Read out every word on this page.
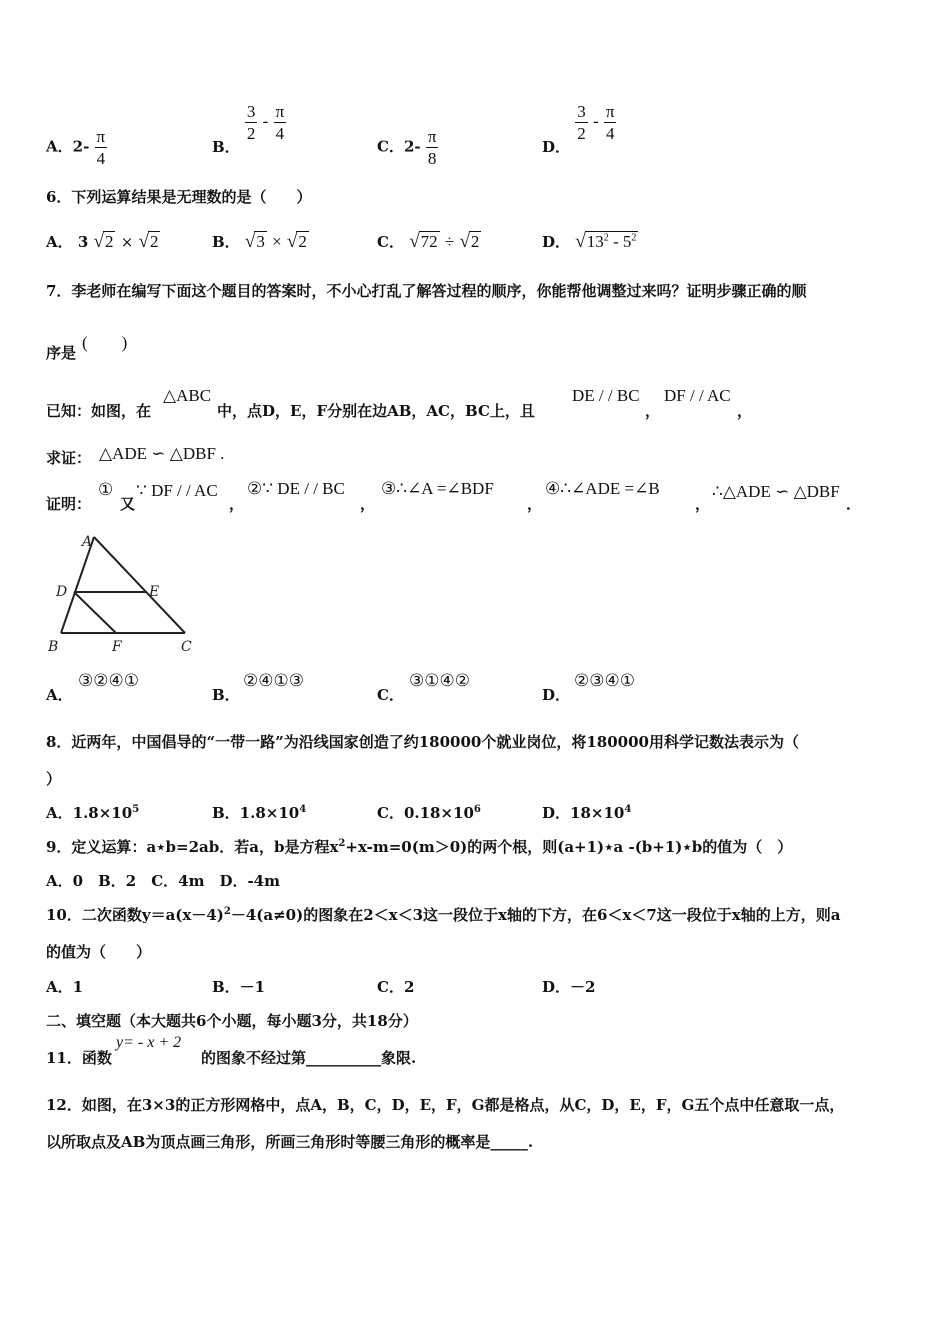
A．$2- \frac{\pi}{4}$	B．
$\frac{3}{2} - \frac{\pi}{4}$
C．$2- \frac{\pi}{8}$	D．
$\frac{3}{2} - \frac{\pi}{4}$
6．下列运算结果是无理数的是（　　）
A． 3 √2 × √2	B． √3 × √2	C． √72 ÷ √2	D． $√13^2 - 5^2$
7．李老师在编写下面这个题目的答案时，不小心打乱了解答过程的顺序，你能帮他调整过来吗？证明步骤正确的顺
序是
(　　)
已知：如图，在
△ABC
中，点D，E，F分别在边AB，AC，BC上，且
DE / / BC
，
DF / / AC
，
求证： △ADE ∽ △DBF .
证明：
①
又
∵ DF / / AC
，
②∵ DE / / BC
，
③∴∠A =∠BDF
，
④∴∠ADE =∠B
，
∴△ADE ∽ △DBF
．
A
D	E
B	F	C
A．
③②④①
B．
②④①③
C．
③①④②
D．
②③④①
8．近两年，中国倡导的“一带一路”为沿线国家创造了约180000个就业岗位，将180000用科学记数法表示为（
）
A．$1.8\times 10^5$	B．$1.8\times 10^4$	C．$0.18\times 10^6$	D．$18\times 10^4$
9．定义运算：a⋆b=2ab．若a，b是方程$x^2+x-m=0(m>0)$的两个根，则(a+1)⋆a -(b+1)⋆b的值为（　）
A．0　B．2　C．4m　D．-4m
10．二次函数$y=a(x-4)^2-4(a\ne 0)$的图象在2＜x＜3这一段位于x轴的下方，在6＜x＜7这一段位于x轴的上方，则a
的值为（　　）
A．1	B．－1	C．2	D．－2
二、填空题（本大题共6个小题，每小题3分，共18分）
11．函数
y= - x + 2
的图象不经过第__________象限.
12．如图，在3×3的正方形网格中，点A，B，C，D，E，F，G都是格点，从C，D，E，F，G五个点中任意取一点，
以所取点及AB为顶点画三角形，所画三角形时等腰三角形的概率是_____.
